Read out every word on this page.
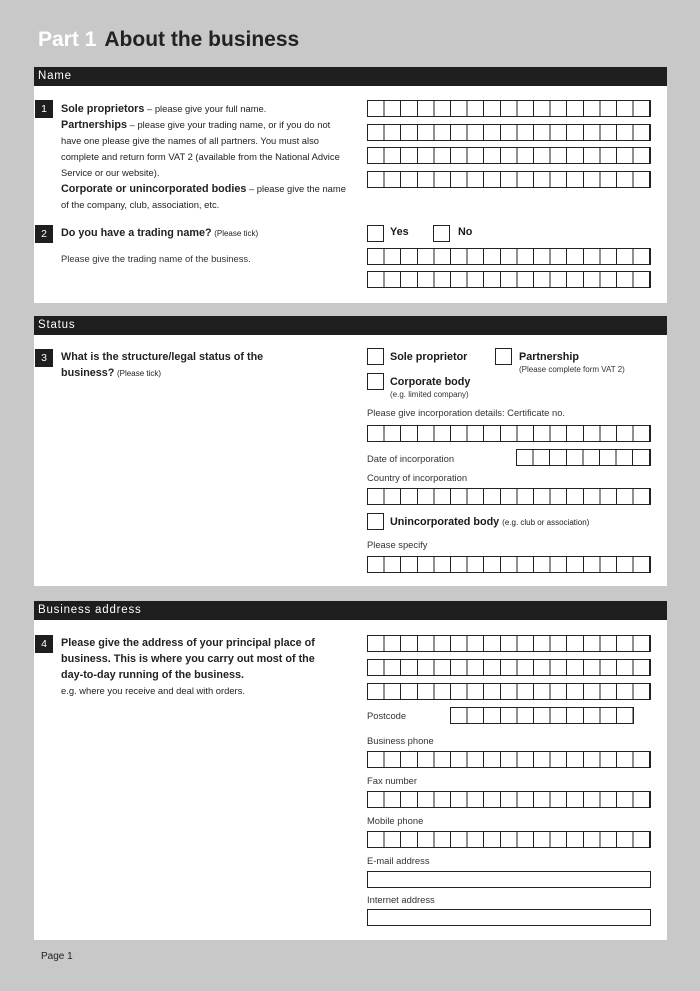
Part 1 About the business
Name
1	Sole proprietors – please give your full name.
Partnerships – please give your trading name, or if you do not have one please give the names of all partners. You must also complete and return form VAT 2 (available from the National Advice Service or our website).
Corporate or unincorporated bodies – please give the name of the company, club, association, etc.
2	Do you have a trading name? (Please tick)
Please give the trading name of the business.
Yes	No
Status
3	What is the structure/legal status of the business? (Please tick)
Sole proprietor	Partnership
(Please complete form VAT 2)
Corporate body
(e.g. limited company)
Please give incorporation details: Certificate no.
Date of incorporation
Country of incorporation
Unincorporated body (e.g. club or association)
Please specify
Business address
4	Please give the address of your principal place of business. This is where you carry out most of the day-to-day running of the business.
e.g. where you receive and deal with orders.
Postcode
Business phone
Fax number
Mobile phone
E-mail address
Internet address
Page 1
